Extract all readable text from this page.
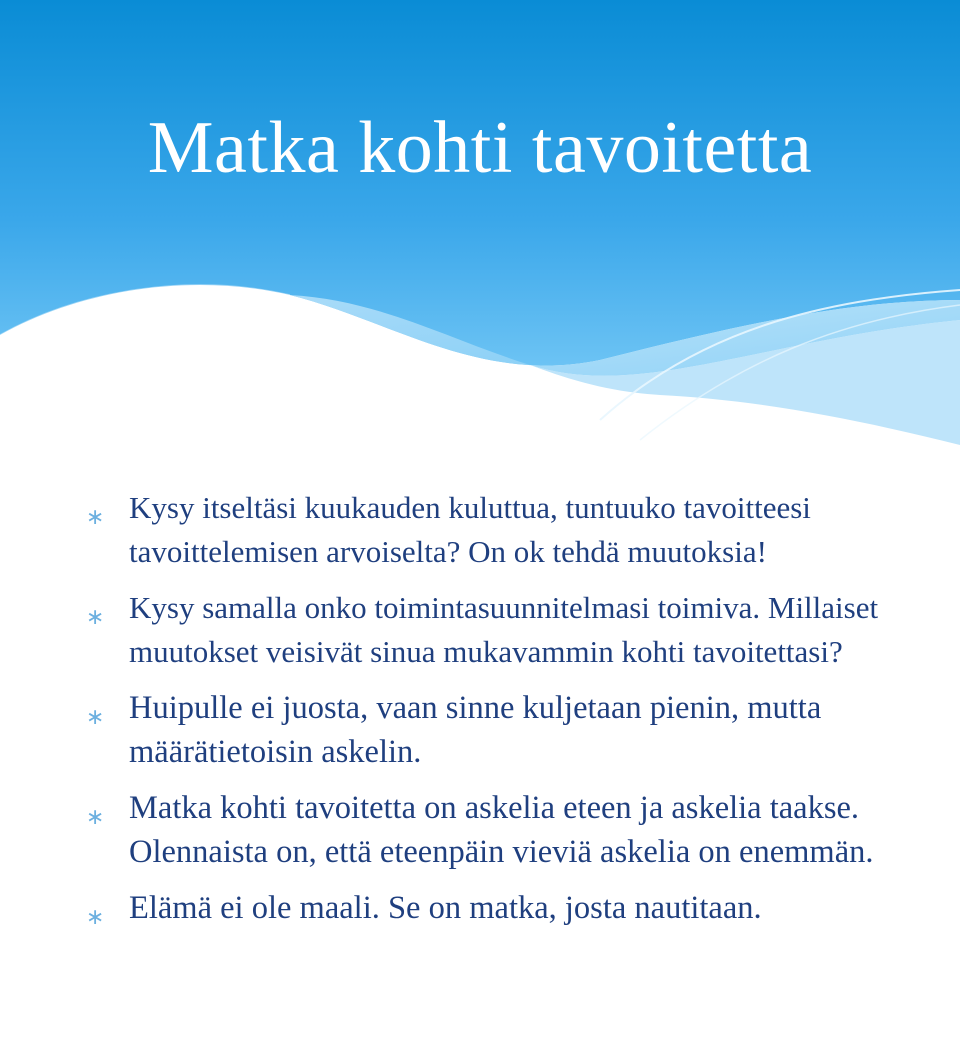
Matka kohti tavoitetta
∗ Kysy itseltäsi kuukauden kuluttua, tuntuuko tavoitteesi tavoittelemisen arvoiselta? On ok tehdä muutoksia!
∗ Kysy samalla onko toimintasuunnitelmasi toimiva. Millaiset muutokset veisivät sinua mukavammin kohti tavoitettasi?
∗ Huipulle ei juosta, vaan sinne kuljetaan pienin, mutta määrätietoisin askelin.
∗ Matka kohti tavoitetta on askelia eteen ja askelia taakse. Olennaista on, että eteenpäin vieviä askelia on enemmän.
∗ Elämä ei ole maali. Se on matka, josta nautitaan.
